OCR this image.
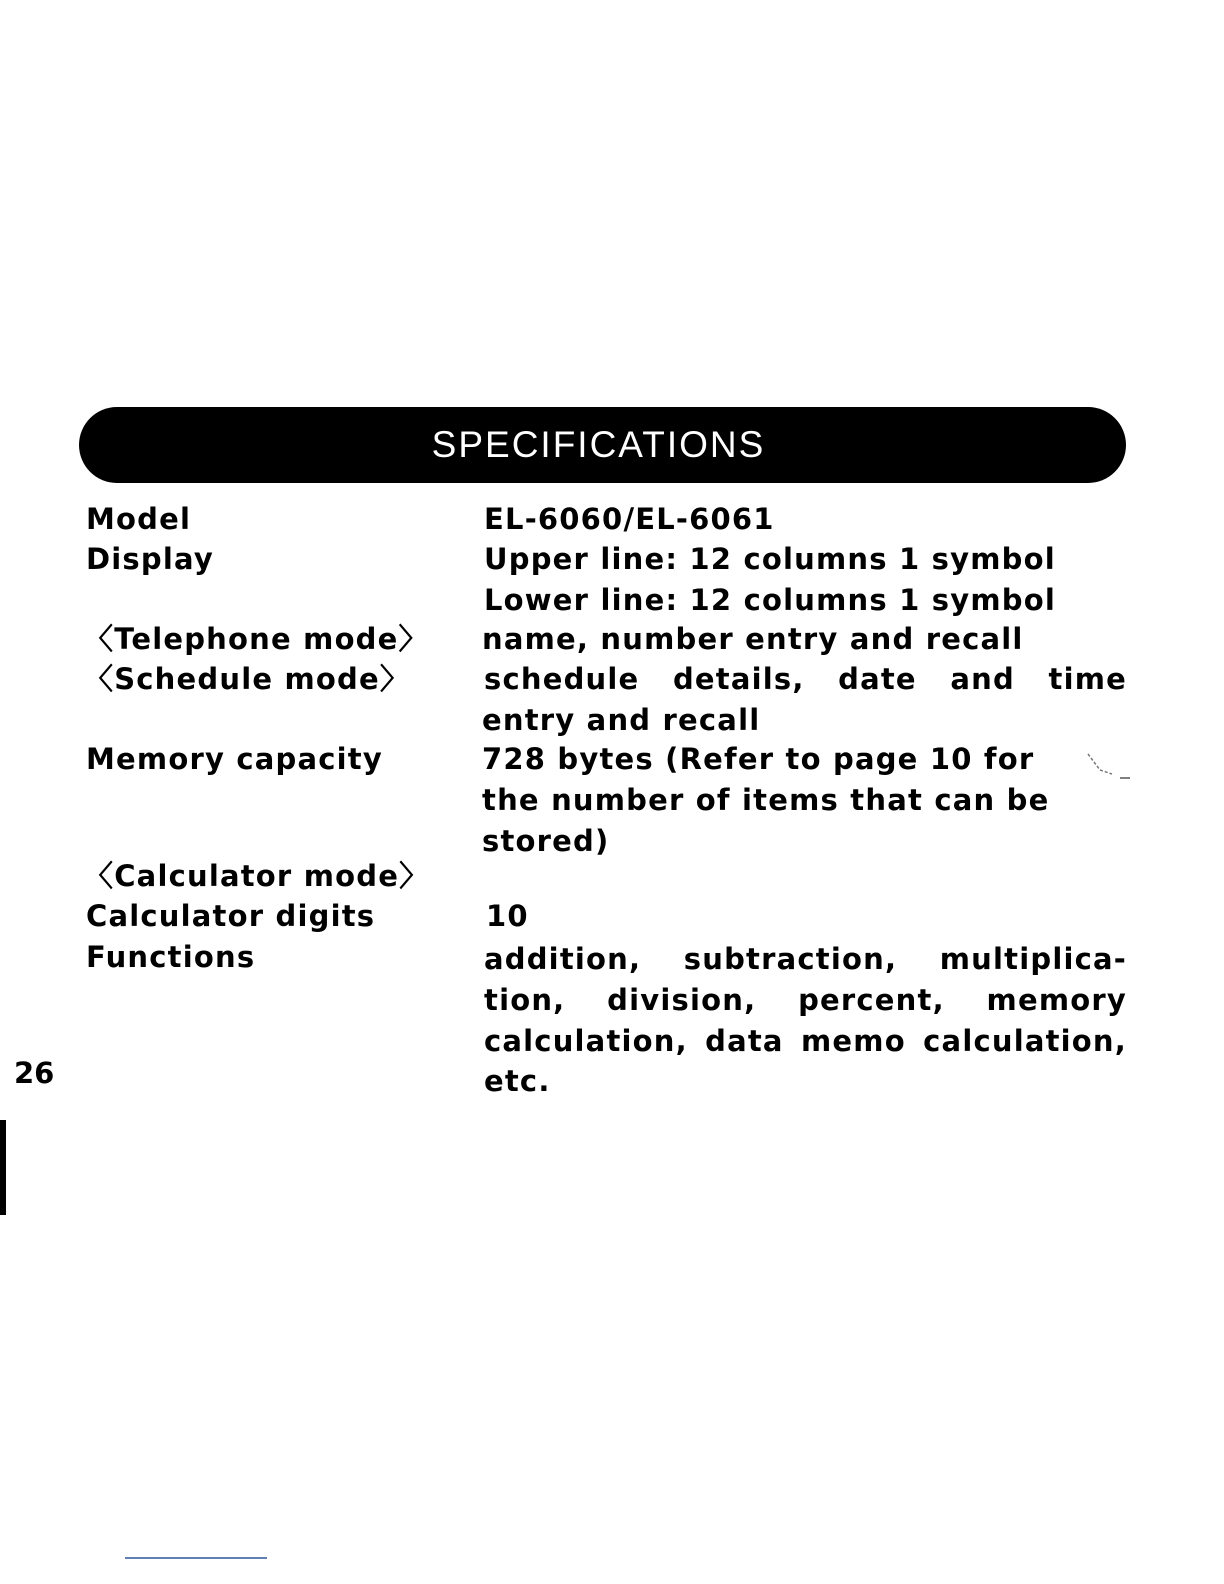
SPECIFICATIONS
Model
Display
〈Telephone mode〉
〈Schedule mode〉
Memory capacity
〈Calculator mode〉
Calculator digits
Functions
EL-6060/EL-6061
Upper line: 12 columns 1 symbol
Lower line: 12 columns 1 symbol
name, number entry and recall
schedule details, date and time
entry and recall
728 bytes (Refer to page 10 for
the number of items that can be
stored)
10
addition, subtraction, multiplica-
tion, division, percent, memory
calculation, data memo calculation,
etc.
26
